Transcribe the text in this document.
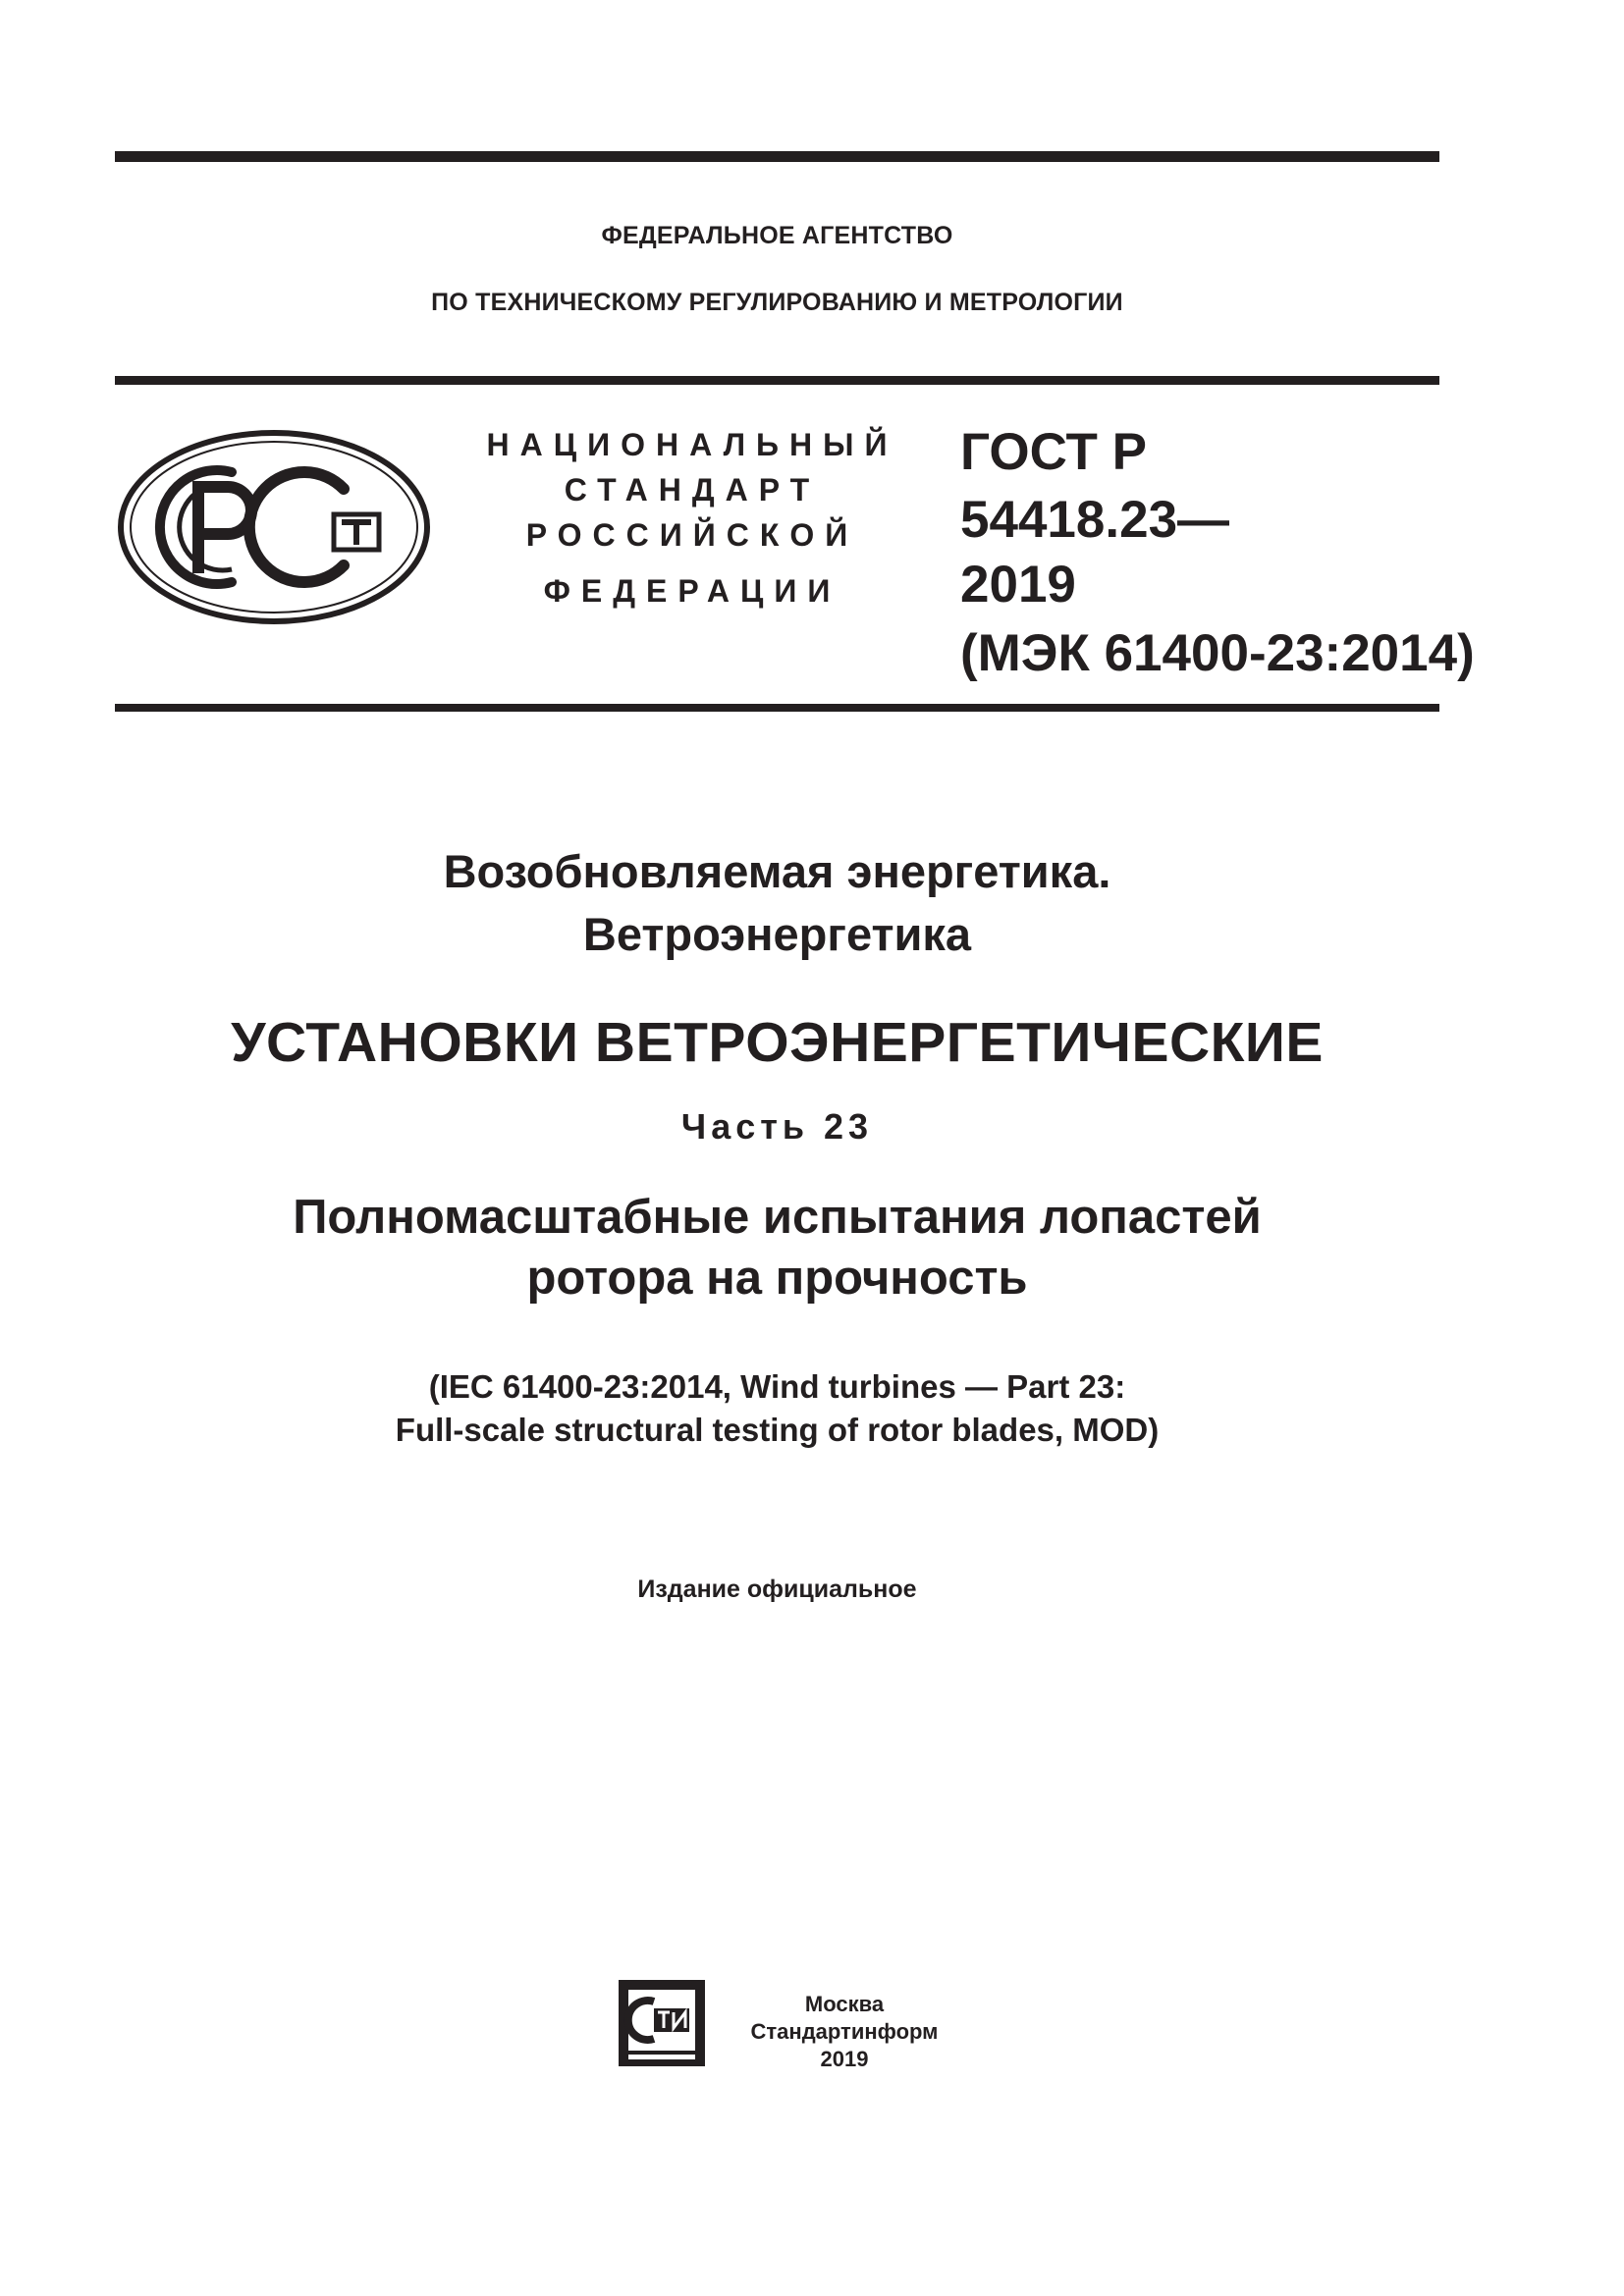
ФЕДЕРАЛЬНОЕ АГЕНТСТВО
ПО ТЕХНИЧЕСКОМУ РЕГУЛИРОВАНИЮ И МЕТРОЛОГИИ
НАЦИОНАЛЬНЫЙ
СТАНДАРТ
РОССИЙСКОЙ
ФЕДЕРАЦИИ
ГОСТ Р
54418.23—
2019
(МЭК 61400-23:2014)
Возобновляемая энергетика.
Ветроэнергетика
УСТАНОВКИ ВЕТРОЭНЕРГЕТИЧЕСКИЕ
Часть 23
Полномасштабные испытания лопастей
ротора на прочность
(IEC 61400-23:2014, Wind turbines — Part 23:
Full-scale structural testing of rotor blades, MOD)
Издание официальное
Москва
Стандартинформ
2019
